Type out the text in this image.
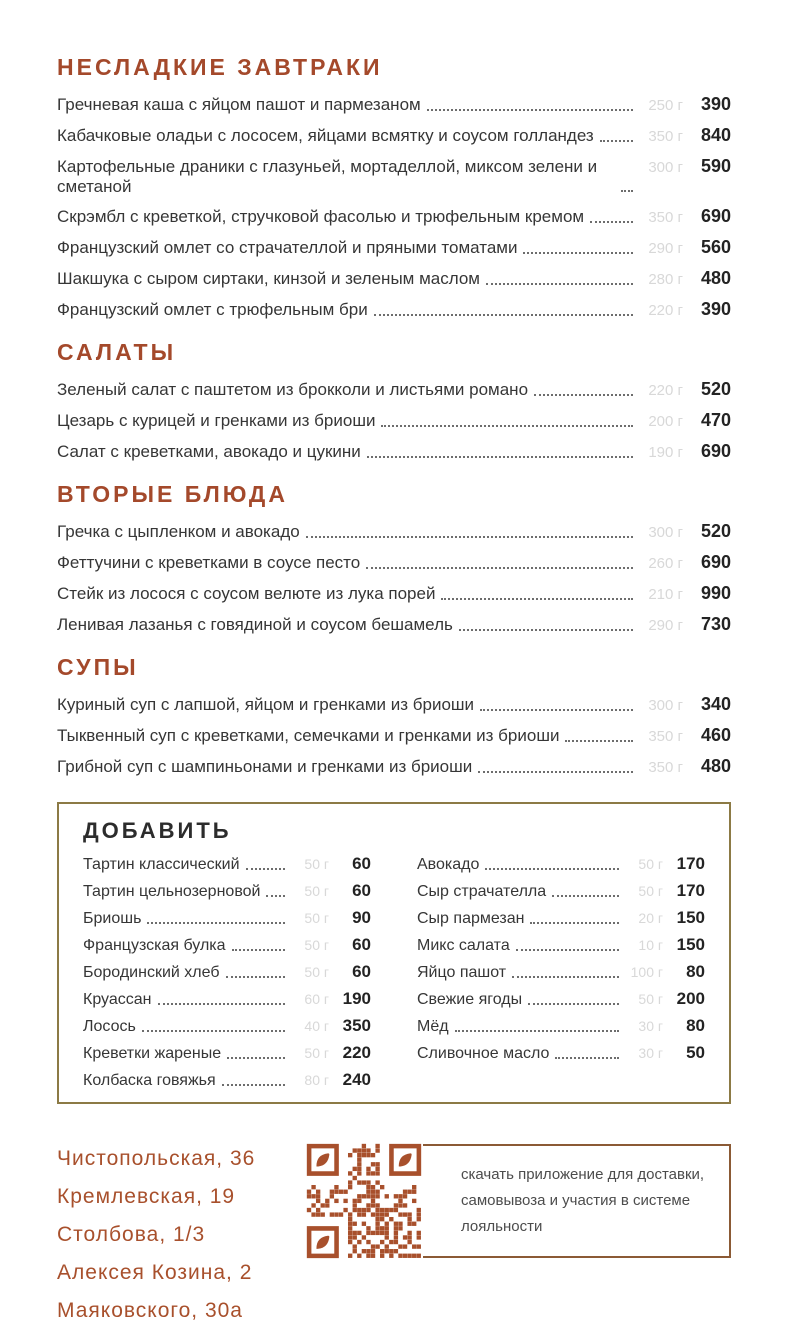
НЕСЛАДКИЕ ЗАВТРАКИ
Гречневая каша с яйцом пашот и пармезаном	250 г 390
Кабачковые оладьи с лососем, яйцами всмятку и соусом голландез	350 г 840
Картофельные драники с глазуньей, мортаделлой, миксом зелени и сметаной
300 г 590
Скрэмбл с креветкой, стручковой фасолью и трюфельным кремом	350 г 690
Французский омлет со страчателлой и пряными томатами	290 г 560
Шакшука с сыром сиртаки, кинзой и зеленым маслом	280 г 480
Французский омлет с трюфельным бри	220 г 390
САЛАТЫ
Зеленый салат с паштетом из брокколи и листьями романо	220 г 520
Цезарь с курицей и гренками из бриоши	200 г 470
Салат с креветками, авокадо и цукини	190 г 690
ВТОРЫЕ БЛЮДА
Гречка с цыпленком и авокадо	300 г 520
Феттучини с креветками в соусе песто	260 г 690
Стейк из лосося с соусом велюте из лука порей	210 г 990
Ленивая лазанья с говядиной и соусом бешамель	290 г 730
СУПЫ
Куриный суп с лапшой, яйцом и гренками из бриоши	300 г 340
Тыквенный суп с креветками, семечками и гренками из бриоши	350 г 460
Грибной суп с шампиньонами и гренками из бриоши	350 г 480
ДОБАВИТЬ
Тартин классический	50 г	60
Тартин цельнозерновой	50 г	60
Бриошь	50 г	90
Французская булка	50 г	60
Бородинский хлеб	50 г	60
Круассан	60 г 190
Лосось	40 г 350
Креветки жареные	50 г 220
Колбаска говяжья	80 г 240
Авокадо	50 г 170
Сыр страчателла	50 г 170
Сыр пармезан	20 г 150
Микс салата	10 г 150
Яйцо пашот	100 г	80
Свежие ягоды	50 г 200
Мёд	30 г	80
Сливочное масло	30 г	50
Чистопольская, 36
Кремлевская, 19
Столбова, 1/3
Алексея Козина, 2
Маяковского, 30а
скачать приложение для доставки, самовывоза и участия в системе лояльности
